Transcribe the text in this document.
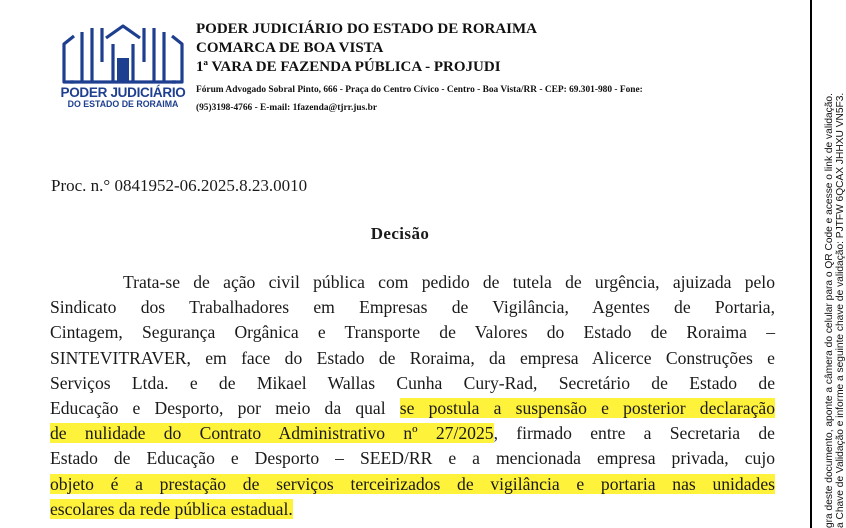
PODER JUDICIÁRIO
DO ESTADO DE RORAIMA
PODER JUDICIÁRIO DO ESTADO DE RORAIMA
COMARCA DE BOA VISTA
1ª VARA DE FAZENDA PÚBLICA - PROJUDI
Fórum Advogado Sobral Pinto, 666 - Praça do Centro Cívico - Centro - Boa Vista/RR - CEP: 69.301-980 - Fone:
(95)3198-4766 - E-mail: 1fazenda@tjrr.jus.br
Proc. n.° 0841952-06.2025.8.23.0010
Decisão
Trata-se de ação civil pública com pedido de tutela de urgência, ajuizada pelo
Sindicato dos Trabalhadores em Empresas de Vigilância, Agentes de Portaria,
Cintagem, Segurança Orgânica e Transporte de Valores do Estado de Roraima –
SINTEVITRAVER, em face do Estado de Roraima, da empresa Alicerce Construções e
Serviços Ltda. e de Mikael Wallas Cunha Cury-Rad, Secretário de Estado de
Educação e Desporto, por meio da qual se postula a suspensão e posterior declaração
de nulidade do Contrato Administrativo nº 27/2025, firmado entre a Secretaria de
Estado de Educação e Desporto – SEED/RR e a mencionada empresa privada, cujo
objeto é a prestação de serviços terceirizados de vigilância e portaria nas unidades
escolares da rede pública estadual.	gra deste documento, aponte a câmera do celular para o QR Code e acesse o link de validação. a Chave de Validação e informe a seguinte chave de validação: PJTFW 6QCAX JHHXU VN5F3.
